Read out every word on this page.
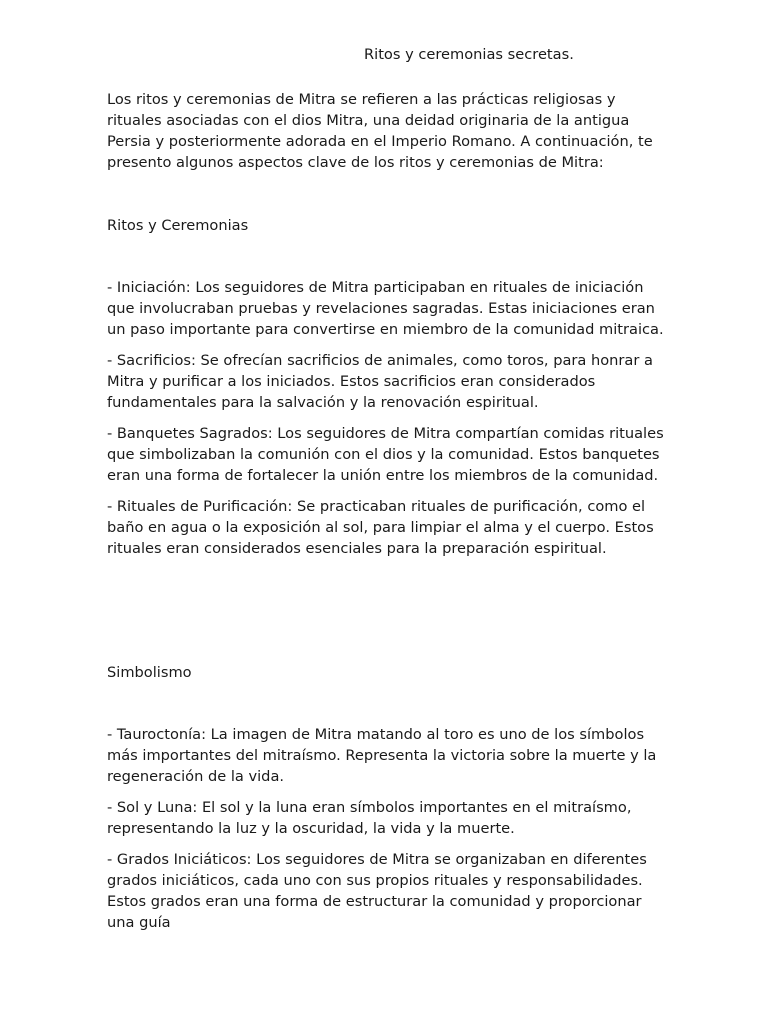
Ritos y ceremonias secretas.

Los ritos y ceremonias de Mitra se refieren a las prácticas religiosas y rituales asociadas con el dios Mitra, una deidad originaria de la antigua Persia y posteriormente adorada en el Imperio Romano. A continuación, te presento algunos aspectos clave de los ritos y ceremonias de Mitra:

Ritos y Ceremonias

- Iniciación: Los seguidores de Mitra participaban en rituales de iniciación que involucraban pruebas y revelaciones sagradas. Estas iniciaciones eran un paso importante para convertirse en miembro de la comunidad mitraica.

- Sacrificios: Se ofrecían sacrificios de animales, como toros, para honrar a Mitra y purificar a los iniciados. Estos sacrificios eran considerados fundamentales para la salvación y la renovación espiritual.

- Banquetes Sagrados: Los seguidores de Mitra compartían comidas rituales que simbolizaban la comunión con el dios y la comunidad. Estos banquetes eran una forma de fortalecer la unión entre los miembros de la comunidad.

- Rituales de Purificación: Se practicaban rituales de purificación, como el baño en agua o la exposición al sol, para limpiar el alma y el cuerpo. Estos rituales eran considerados esenciales para la preparación espiritual.

Simbolismo

- Tauroctonía: La imagen de Mitra matando al toro es uno de los símbolos más importantes del mitraísmo. Representa la victoria sobre la muerte y la regeneración de la vida.

- Sol y Luna: El sol y la luna eran símbolos importantes en el mitraísmo, representando la luz y la oscuridad, la vida y la muerte.

- Grados Iniciáticos: Los seguidores de Mitra se organizaban en diferentes grados iniciáticos, cada uno con sus propios rituales y responsabilidades. Estos grados eran una forma de estructurar la comunidad y proporcionar una guía
